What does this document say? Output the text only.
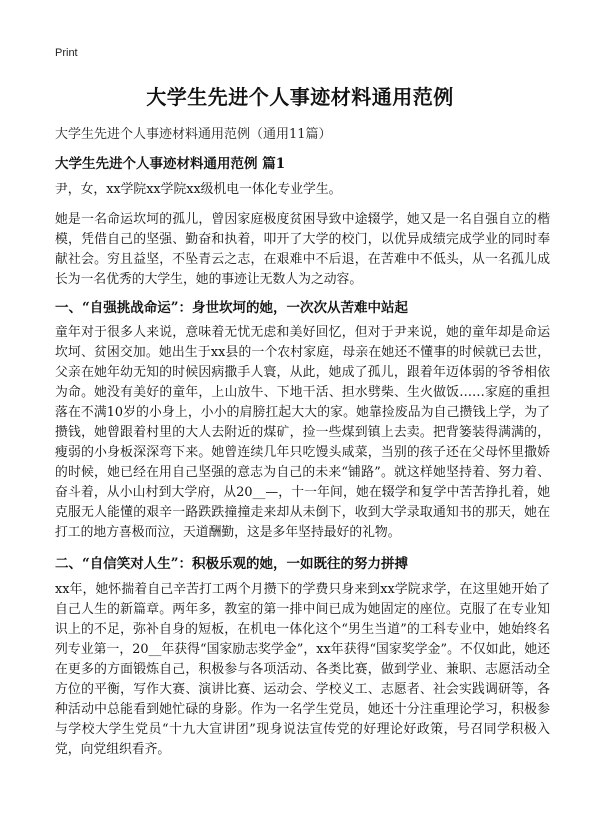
Print
大学生先进个人事迹材料通用范例
大学生先进个人事迹材料通用范例（通用11篇）
大学生先进个人事迹材料通用范例 篇1

尹，女，xx学院xx学院xx级机电一体化专业学生。

她是一名命运坎坷的孤儿，曾因家庭极度贫困导致中途辍学，她又是一名自强自立的楷模，凭借自己的坚强、勤奋和执着，叩开了大学的校门，以优异成绩完成学业的同时奉献社会。穷且益坚，不坠青云之志，在艰难中不后退，在苦难中不低头，从一名孤儿成长为一名优秀的大学生，她的事迹让无数人为之动容。

一、“自强挑战命运”：身世坎坷的她，一次次从苦难中站起

童年对于很多人来说，意味着无忧无虑和美好回忆，但对于尹来说，她的童年却是命运坎坷、贫困交加。她出生于xx县的一个农村家庭，母亲在她还不懂事的时候就已去世，父亲在她年幼无知的时候因病撒手人寰，从此，她成了孤儿，跟着年迈体弱的爷爷相依为命。她没有美好的童年，上山放牛、下地干活、担水劈柴、生火做饭……家庭的重担落在不满10岁的小身上，小小的肩膀扛起大大的家。她靠捡废品为自己攒钱上学，为了攒钱，她曾跟着村里的大人去附近的煤矿，捡一些煤到镇上去卖。把背篓装得满满的，瘦弱的小身板深深弯下来。她曾连续几年只吃馒头咸菜，当别的孩子还在父母怀里撒娇的时候，她已经在用自己坚强的意志为自己的未来“铺路”。就这样她坚持着、努力着、奋斗着，从小山村到大学府，从20__—，十一年间，她在辍学和复学中苦苦挣扎着，她克服无人能懂的艰辛一路跌跌撞撞走来却从未倒下，收到大学录取通知书的那天，她在打工的地方喜极而泣，天道酬勤，这是多年坚持最好的礼物。

二、“自信笑对人生”：积极乐观的她，一如既往的努力拼搏

xx年，她怀揣着自己辛苦打工两个月攒下的学费只身来到xx学院求学，在这里她开始了自己人生的新篇章。两年多，教室的第一排中间已成为她固定的座位。克服了在专业知识上的不足，弥补自身的短板，在机电一体化这个“男生当道”的工科专业中，她始终名列专业第一，20__年获得“国家励志奖学金”，xx年获得“国家奖学金”。不仅如此，她还在更多的方面锻炼自己，积极参与各项活动、各类比赛，做到学业、兼职、志愿活动全方位的平衡，写作大赛、演讲比赛、运动会、学校义工、志愿者、社会实践调研等，各种活动中总能看到她忙碌的身影。作为一名学生党员，她还十分注重理论学习，积极参与学校大学生党员“十九大宣讲团”现身说法宣传党的好理论好政策，号召同学积极入党，向党组织看齐。
